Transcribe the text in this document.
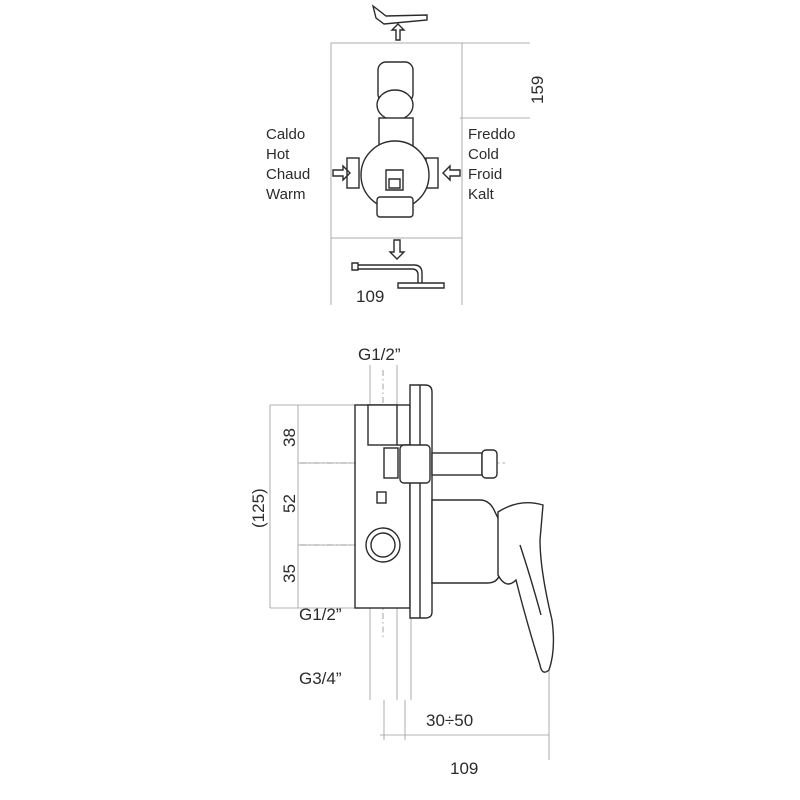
Caldo
Hot
Chaud
Warm
Freddo
Cold
Froid
Kalt
159
109
G1/2”
(125)
38
52
35
G1/2”
G3/4”
30÷50
109
